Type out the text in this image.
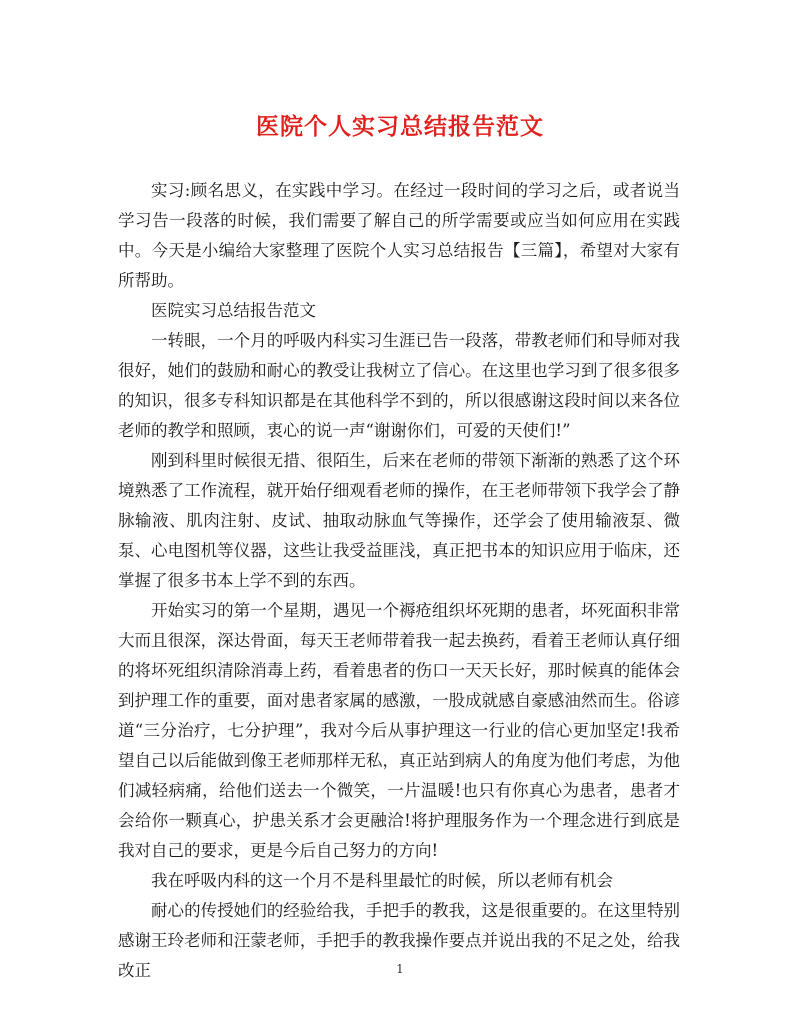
医院个人实习总结报告范文

实习:顾名思义，在实践中学习。在经过一段时间的学习之后，或者说当学习告一段落的时候，我们需要了解自己的所学需要或应当如何应用在实践中。今天是小编给大家整理了医院个人实习总结报告【三篇】，希望对大家有所帮助。

医院实习总结报告范文

一转眼，一个月的呼吸内科实习生涯已告一段落，带教老师们和导师对我很好，她们的鼓励和耐心的教受让我树立了信心。在这里也学习到了很多很多的知识，很多专科知识都是在其他科学不到的，所以很感谢这段时间以来各位老师的教学和照顾，衷心的说一声“谢谢你们，可爱的天使们!”

刚到科里时候很无措、很陌生，后来在老师的带领下渐渐的熟悉了这个环境熟悉了工作流程，就开始仔细观看老师的操作，在王老师带领下我学会了静脉输液、肌肉注射、皮试、抽取动脉血气等操作，还学会了使用输液泵、微泵、心电图机等仪器，这些让我受益匪浅，真正把书本的知识应用于临床，还掌握了很多书本上学不到的东西。

开始实习的第一个星期，遇见一个褥疮组织坏死期的患者，坏死面积非常大而且很深，深达骨面，每天王老师带着我一起去换药，看着王老师认真仔细的将坏死组织清除消毒上药，看着患者的伤口一天天长好，那时候真的能体会到护理工作的重要，面对患者家属的感激，一股成就感自豪感油然而生。俗谚道“三分治疗，七分护理”，我对今后从事护理这一行业的信心更加坚定!我希望自己以后能做到像王老师那样无私，真正站到病人的角度为他们考虑，为他们减轻病痛，给他们送去一个微笑，一片温暖!也只有你真心为患者，患者才会给你一颗真心，护患关系才会更融洽!将护理服务作为一个理念进行到底是我对自己的要求，更是今后自己努力的方向!

我在呼吸内科的这一个月不是科里最忙的时候，所以老师有机会

耐心的传授她们的经验给我，手把手的教我，这是很重要的。在这里特别感谢王玲老师和汪蒙老师，手把手的教我操作要点并说出我的不足之处，给我改正	1
